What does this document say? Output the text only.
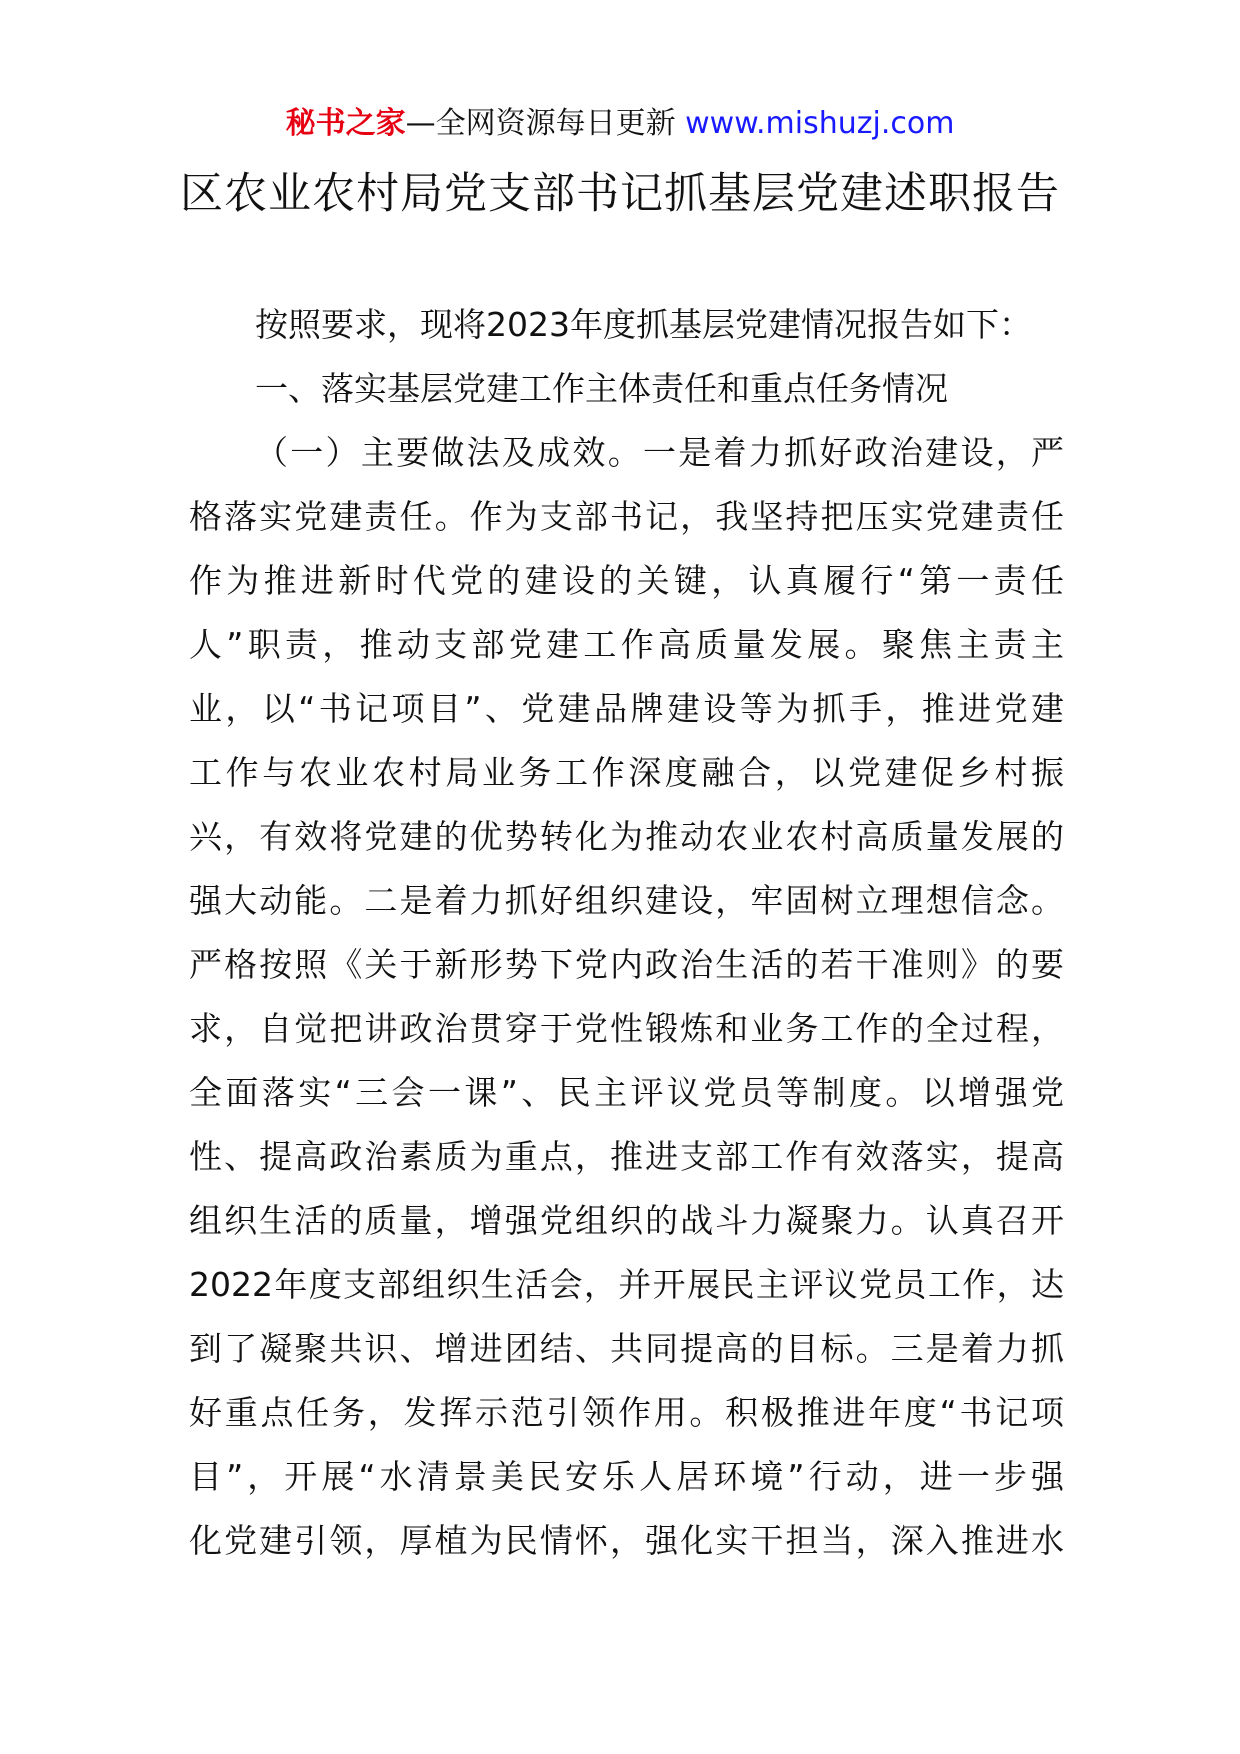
秘书之家—全网资源每日更新 www.mishuzj.com
区农业农村局党支部书记抓基层党建述职报告
按照要求，现将2023年度抓基层党建情况报告如下：
一、落实基层党建工作主体责任和重点任务情况
（一）主要做法及成效。一是着力抓好政治建设，严
格落实党建责任。作为支部书记，我坚持把压实党建责任
作为推进新时代党的建设的关键，认真履行“第一责任
人”职责，推动支部党建工作高质量发展。聚焦主责主
业，以“书记项目”、党建品牌建设等为抓手，推进党建
工作与农业农村局业务工作深度融合，以党建促乡村振
兴，有效将党建的优势转化为推动农业农村高质量发展的
强大动能。二是着力抓好组织建设，牢固树立理想信念。
严格按照《关于新形势下党内政治生活的若干准则》的要
求，自觉把讲政治贯穿于党性锻炼和业务工作的全过程，
全面落实“三会一课”、民主评议党员等制度。以增强党
性、提高政治素质为重点，推进支部工作有效落实，提高
组织生活的质量，增强党组织的战斗力凝聚力。认真召开
2022年度支部组织生活会，并开展民主评议党员工作，达
到了凝聚共识、增进团结、共同提高的目标。三是着力抓
好重点任务，发挥示范引领作用。积极推进年度“书记项
目”，开展“水清景美民安乐人居环境”行动，进一步强
化党建引领，厚植为民情怀，强化实干担当，深入推进水
